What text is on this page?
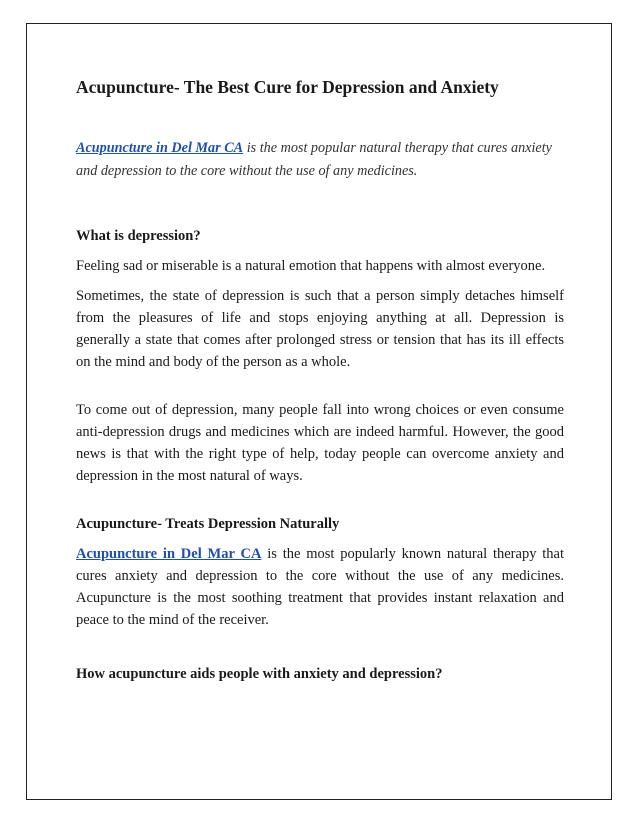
Acupuncture- The Best Cure for Depression and Anxiety

Acupuncture in Del Mar CA is the most popular natural therapy that cures anxiety and depression to the core without the use of any medicines.

What is depression?

Feeling sad or miserable is a natural emotion that happens with almost everyone.

Sometimes, the state of depression is such that a person simply detaches himself from the pleasures of life and stops enjoying anything at all. Depression is generally a state that comes after prolonged stress or tension that has its ill effects on the mind and body of the person as a whole.

To come out of depression, many people fall into wrong choices or even consume anti-depression drugs and medicines which are indeed harmful. However, the good news is that with the right type of help, today people can overcome anxiety and depression in the most natural of ways.

Acupuncture- Treats Depression Naturally

Acupuncture in Del Mar CA is the most popularly known natural therapy that cures anxiety and depression to the core without the use of any medicines. Acupuncture is the most soothing treatment that provides instant relaxation and peace to the mind of the receiver.

How acupuncture aids people with anxiety and depression?
